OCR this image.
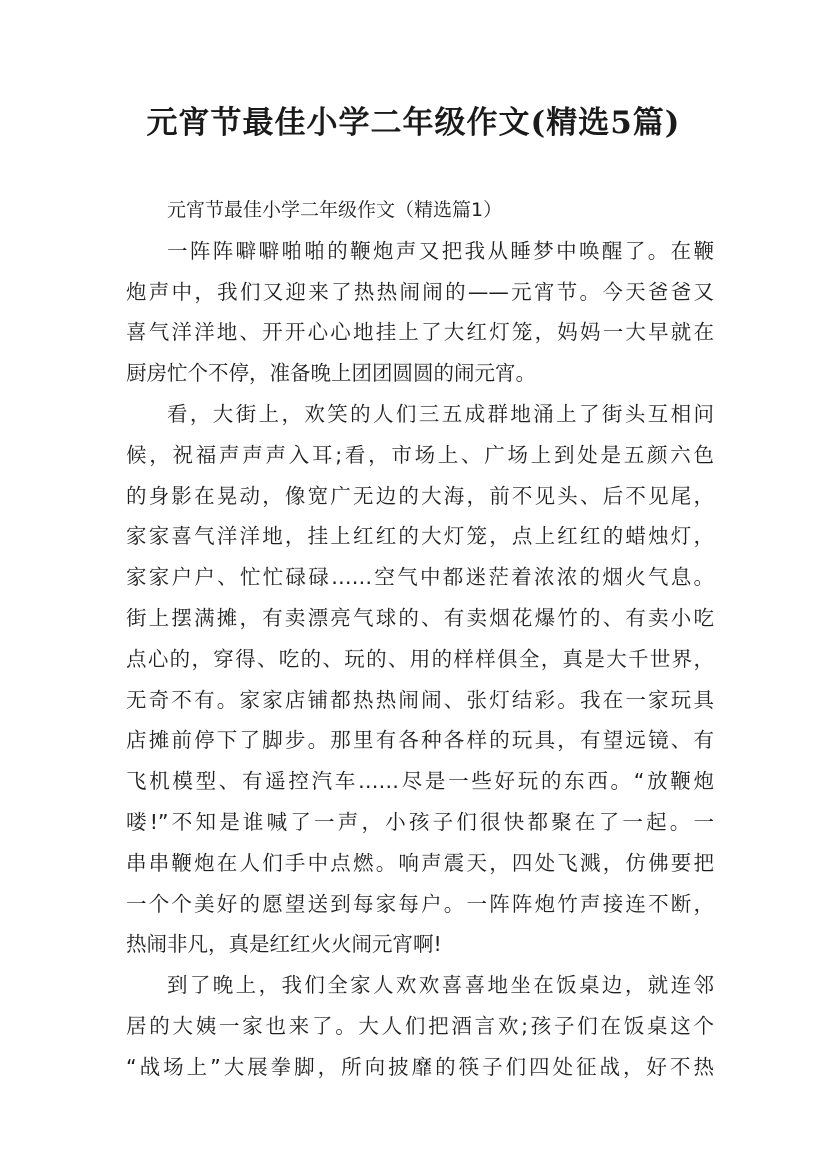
元宵节最佳小学二年级作文(精选5篇)
元宵节最佳小学二年级作文（精选篇1）
一阵阵噼噼啪啪的鞭炮声又把我从睡梦中唤醒了。在鞭
炮声中，我们又迎来了热热闹闹的——元宵节。今天爸爸又
喜气洋洋地、开开心心地挂上了大红灯笼，妈妈一大早就在
厨房忙个不停，准备晚上团团圆圆的闹元宵。
看，大街上，欢笑的人们三五成群地涌上了街头互相问
候，祝福声声声入耳;看，市场上、广场上到处是五颜六色
的身影在晃动，像宽广无边的大海，前不见头、后不见尾，
家家喜气洋洋地，挂上红红的大灯笼，点上红红的蜡烛灯，
家家户户、忙忙碌碌……空气中都迷茫着浓浓的烟火气息。
街上摆满摊，有卖漂亮气球的、有卖烟花爆竹的、有卖小吃
点心的，穿得、吃的、玩的、用的样样俱全，真是大千世界，
无奇不有。家家店铺都热热闹闹、张灯结彩。我在一家玩具
店摊前停下了脚步。那里有各种各样的玩具，有望远镜、有
飞机模型、有遥控汽车……尽是一些好玩的东西。“放鞭炮
喽!”不知是谁喊了一声，小孩子们很快都聚在了一起。一
串串鞭炮在人们手中点燃。响声震天，四处飞溅，仿佛要把
一个个美好的愿望送到每家每户。一阵阵炮竹声接连不断，
热闹非凡，真是红红火火闹元宵啊!
到了晚上，我们全家人欢欢喜喜地坐在饭桌边，就连邻
居的大姨一家也来了。大人们把酒言欢;孩子们在饭桌这个
“战场上”大展拳脚，所向披靡的筷子们四处征战，好不热
